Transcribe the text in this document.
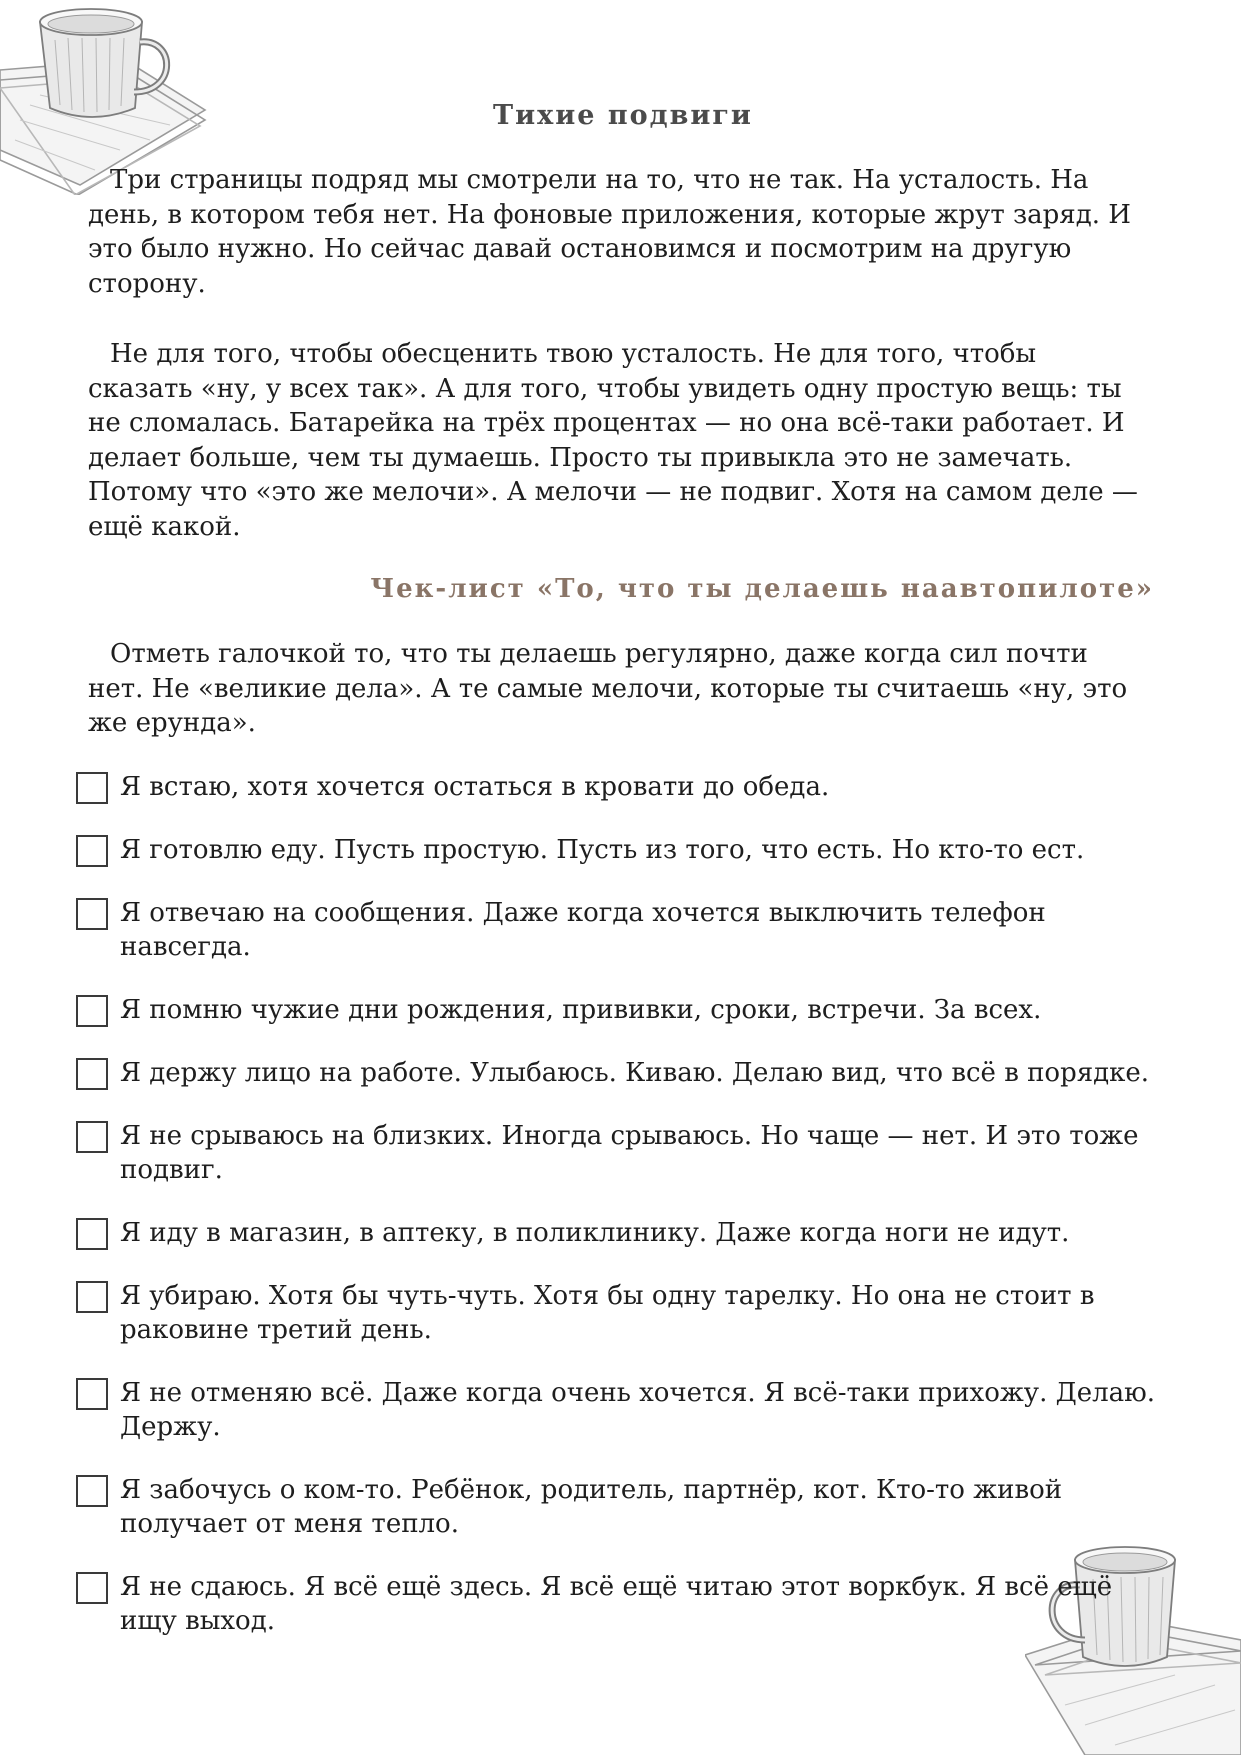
Тихие подвиги

Три страницы подряд мы смотрели на то, что не так. На усталость. На день, в котором тебя нет. На фоновые приложения, которые жрут заряд. И это было нужно. Но сейчас давай остановимся и посмотрим на другую сторону.

Не для того, чтобы обесценить твою усталость. Не для того, чтобы сказать «ну, у всех так». А для того, чтобы увидеть одну простую вещь: ты не сломалась. Батарейка на трёх процентах — но она всё-таки работает. И делает больше, чем ты думаешь. Просто ты привыкла это не замечать. Потому что «это же мелочи». А мелочи — не подвиг. Хотя на самом деле — ещё какой.

Чек-лист «То, что ты делаешь наавтопилоте»

Отметь галочкой то, что ты делаешь регулярно, даже когда сил почти нет. Не «великие дела». А те самые мелочи, которые ты считаешь «ну, это же ерунда».

Я встаю, хотя хочется остаться в кровати до обеда.
Я готовлю еду. Пусть простую. Пусть из того, что есть. Но кто-то ест.
Я отвечаю на сообщения. Даже когда хочется выключить телефон навсегда.
Я помню чужие дни рождения, прививки, сроки, встречи. За всех.
Я держу лицо на работе. Улыбаюсь. Киваю. Делаю вид, что всё в порядке.
Я не срываюсь на близких. Иногда срываюсь. Но чаще — нет. И это тоже подвиг.
Я иду в магазин, в аптеку, в поликлинику. Даже когда ноги не идут.
Я убираю. Хотя бы чуть-чуть. Хотя бы одну тарелку. Но она не стоит в раковине третий день.
Я не отменяю всё. Даже когда очень хочется. Я всё-таки прихожу. Делаю. Держу.
Я забочусь о ком-то. Ребёнок, родитель, партнёр, кот. Кто-то живой получает от меня тепло.
Я не сдаюсь. Я всё ещё здесь. Я всё ещё читаю этот воркбук. Я всё ещё ищу выход.
